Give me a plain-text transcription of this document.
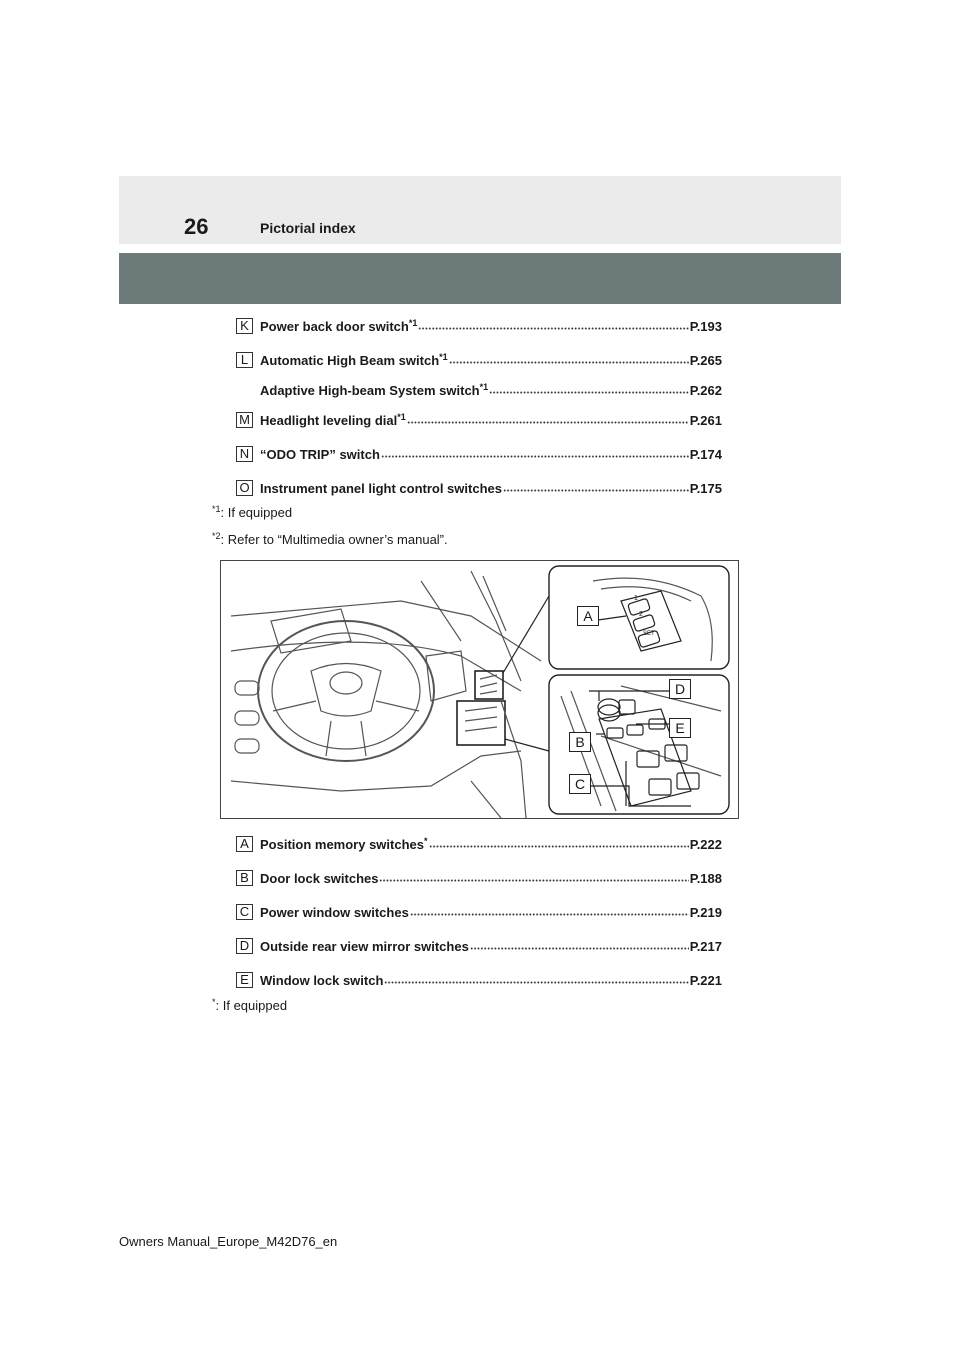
26	Pictorial index
K Power back door switch$^{*1}$	P.193
L Automatic High Beam switch$^{*1}$	P.265
Adaptive High-beam System switch$^{*1}$	P.262
M Headlight leveling dial$^{*1}$	P.261
N “ODO TRIP” switch	P.174
O Instrument panel light control switches	P.175
$^{*1}$: If equipped
$^{*2}$: Refer to “Multimedia owner’s manual”.
A
D
E
B
C
1
2
SET
A Position memory switches*	P.222
B Door lock switches	P.188
C Power window switches	P.219
D Outside rear view mirror switches	P.217
E Window lock switch	P.221
*: If equipped
Owners Manual_Europe_M42D76_en
